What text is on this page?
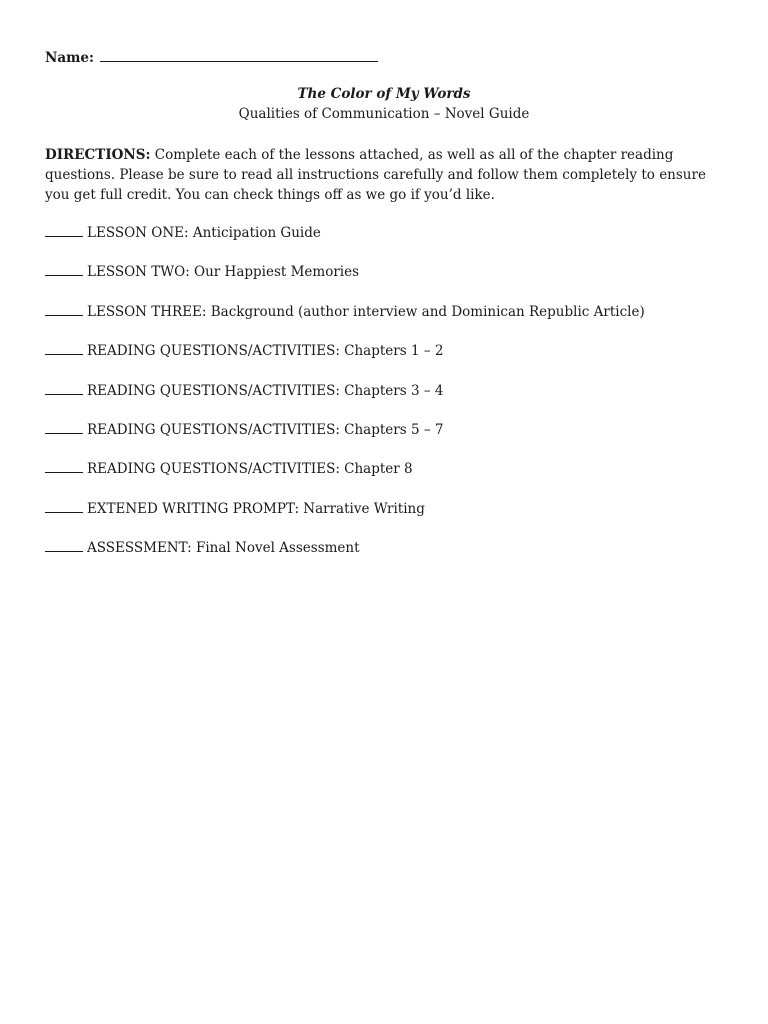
Name:
The Color of My Words
Qualities of Communication – Novel Guide
DIRECTIONS: Complete each of the lessons attached, as well as all of the chapter reading questions. Please be sure to read all instructions carefully and follow them completely to ensure you get full credit. You can check things off as we go if you’d like.
LESSON ONE: Anticipation Guide
LESSON TWO: Our Happiest Memories
LESSON THREE: Background (author interview and Dominican Republic Article)
READING QUESTIONS/ACTIVITIES: Chapters 1 – 2
READING QUESTIONS/ACTIVITIES: Chapters 3 – 4
READING QUESTIONS/ACTIVITIES: Chapters 5 – 7
READING QUESTIONS/ACTIVITIES: Chapter 8
EXTENED WRITING PROMPT: Narrative Writing
ASSESSMENT: Final Novel Assessment
